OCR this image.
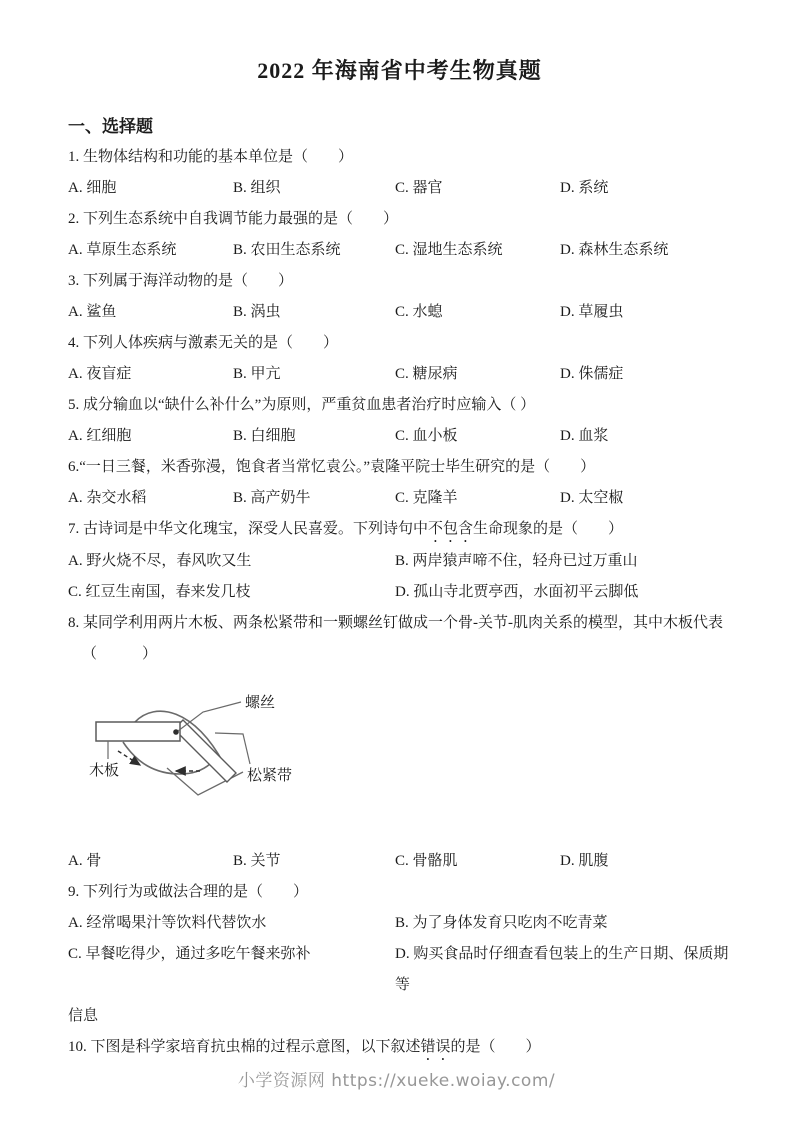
2022 年海南省中考生物真题
一、选择题

1. 生物体结构和功能的基本单位是（　　）

A. 细胞	B. 组织	C. 器官	D. 系统

2. 下列生态系统中自我调节能力最强的是（　　）

A. 草原生态系统	B. 农田生态系统	C. 湿地生态系统	D. 森林生态系统

3. 下列属于海洋动物的是（　　）

A. 鲨鱼	B. 涡虫	C. 水螅	D. 草履虫

4. 下列人体疾病与激素无关的是（　　）

A. 夜盲症	B. 甲亢	C. 糖尿病	D. 侏儒症

5. 成分输血以“缺什么补什么”为原则，严重贫血患者治疗时应输入（ ）

A. 红细胞	B. 白细胞	C. 血小板	D. 血浆

6.“一日三餐，米香弥漫，饱食者当常忆袁公。”袁隆平院士毕生研究的是（　　）

A. 杂交水稻	B. 高产奶牛	C. 克隆羊	D. 太空椒

7. 古诗词是中华文化瑰宝，深受人民喜爱。下列诗句中不包含生命现象的是（　　）

A. 野火烧不尽，春风吹又生	B. 两岸猿声啼不住，轻舟已过万重山
C. 红豆生南国，春来发几枝	D. 孤山寺北贾亭西，水面初平云脚低

8. 某同学利用两片木板、两条松紧带和一颗螺丝钉做成一个骨-关节-肌肉关系的模型，其中木板代表

（　　　）

螺丝
木板	松紧带
A. 骨	B. 关节	C. 骨骼肌	D. 肌腹

9. 下列行为或做法合理的是（　　）

A. 经常喝果汁等饮料代替饮水	B. 为了身体发育只吃肉不吃青菜
C. 早餐吃得少，通过多吃午餐来弥补	D. 购买食品时仔细查看包装上的生产日期、保质期等

信息

10. 下图是科学家培育抗虫棉的过程示意图，以下叙述错误的是（　　）

小学资源网 https://xueke.woiay.com/
